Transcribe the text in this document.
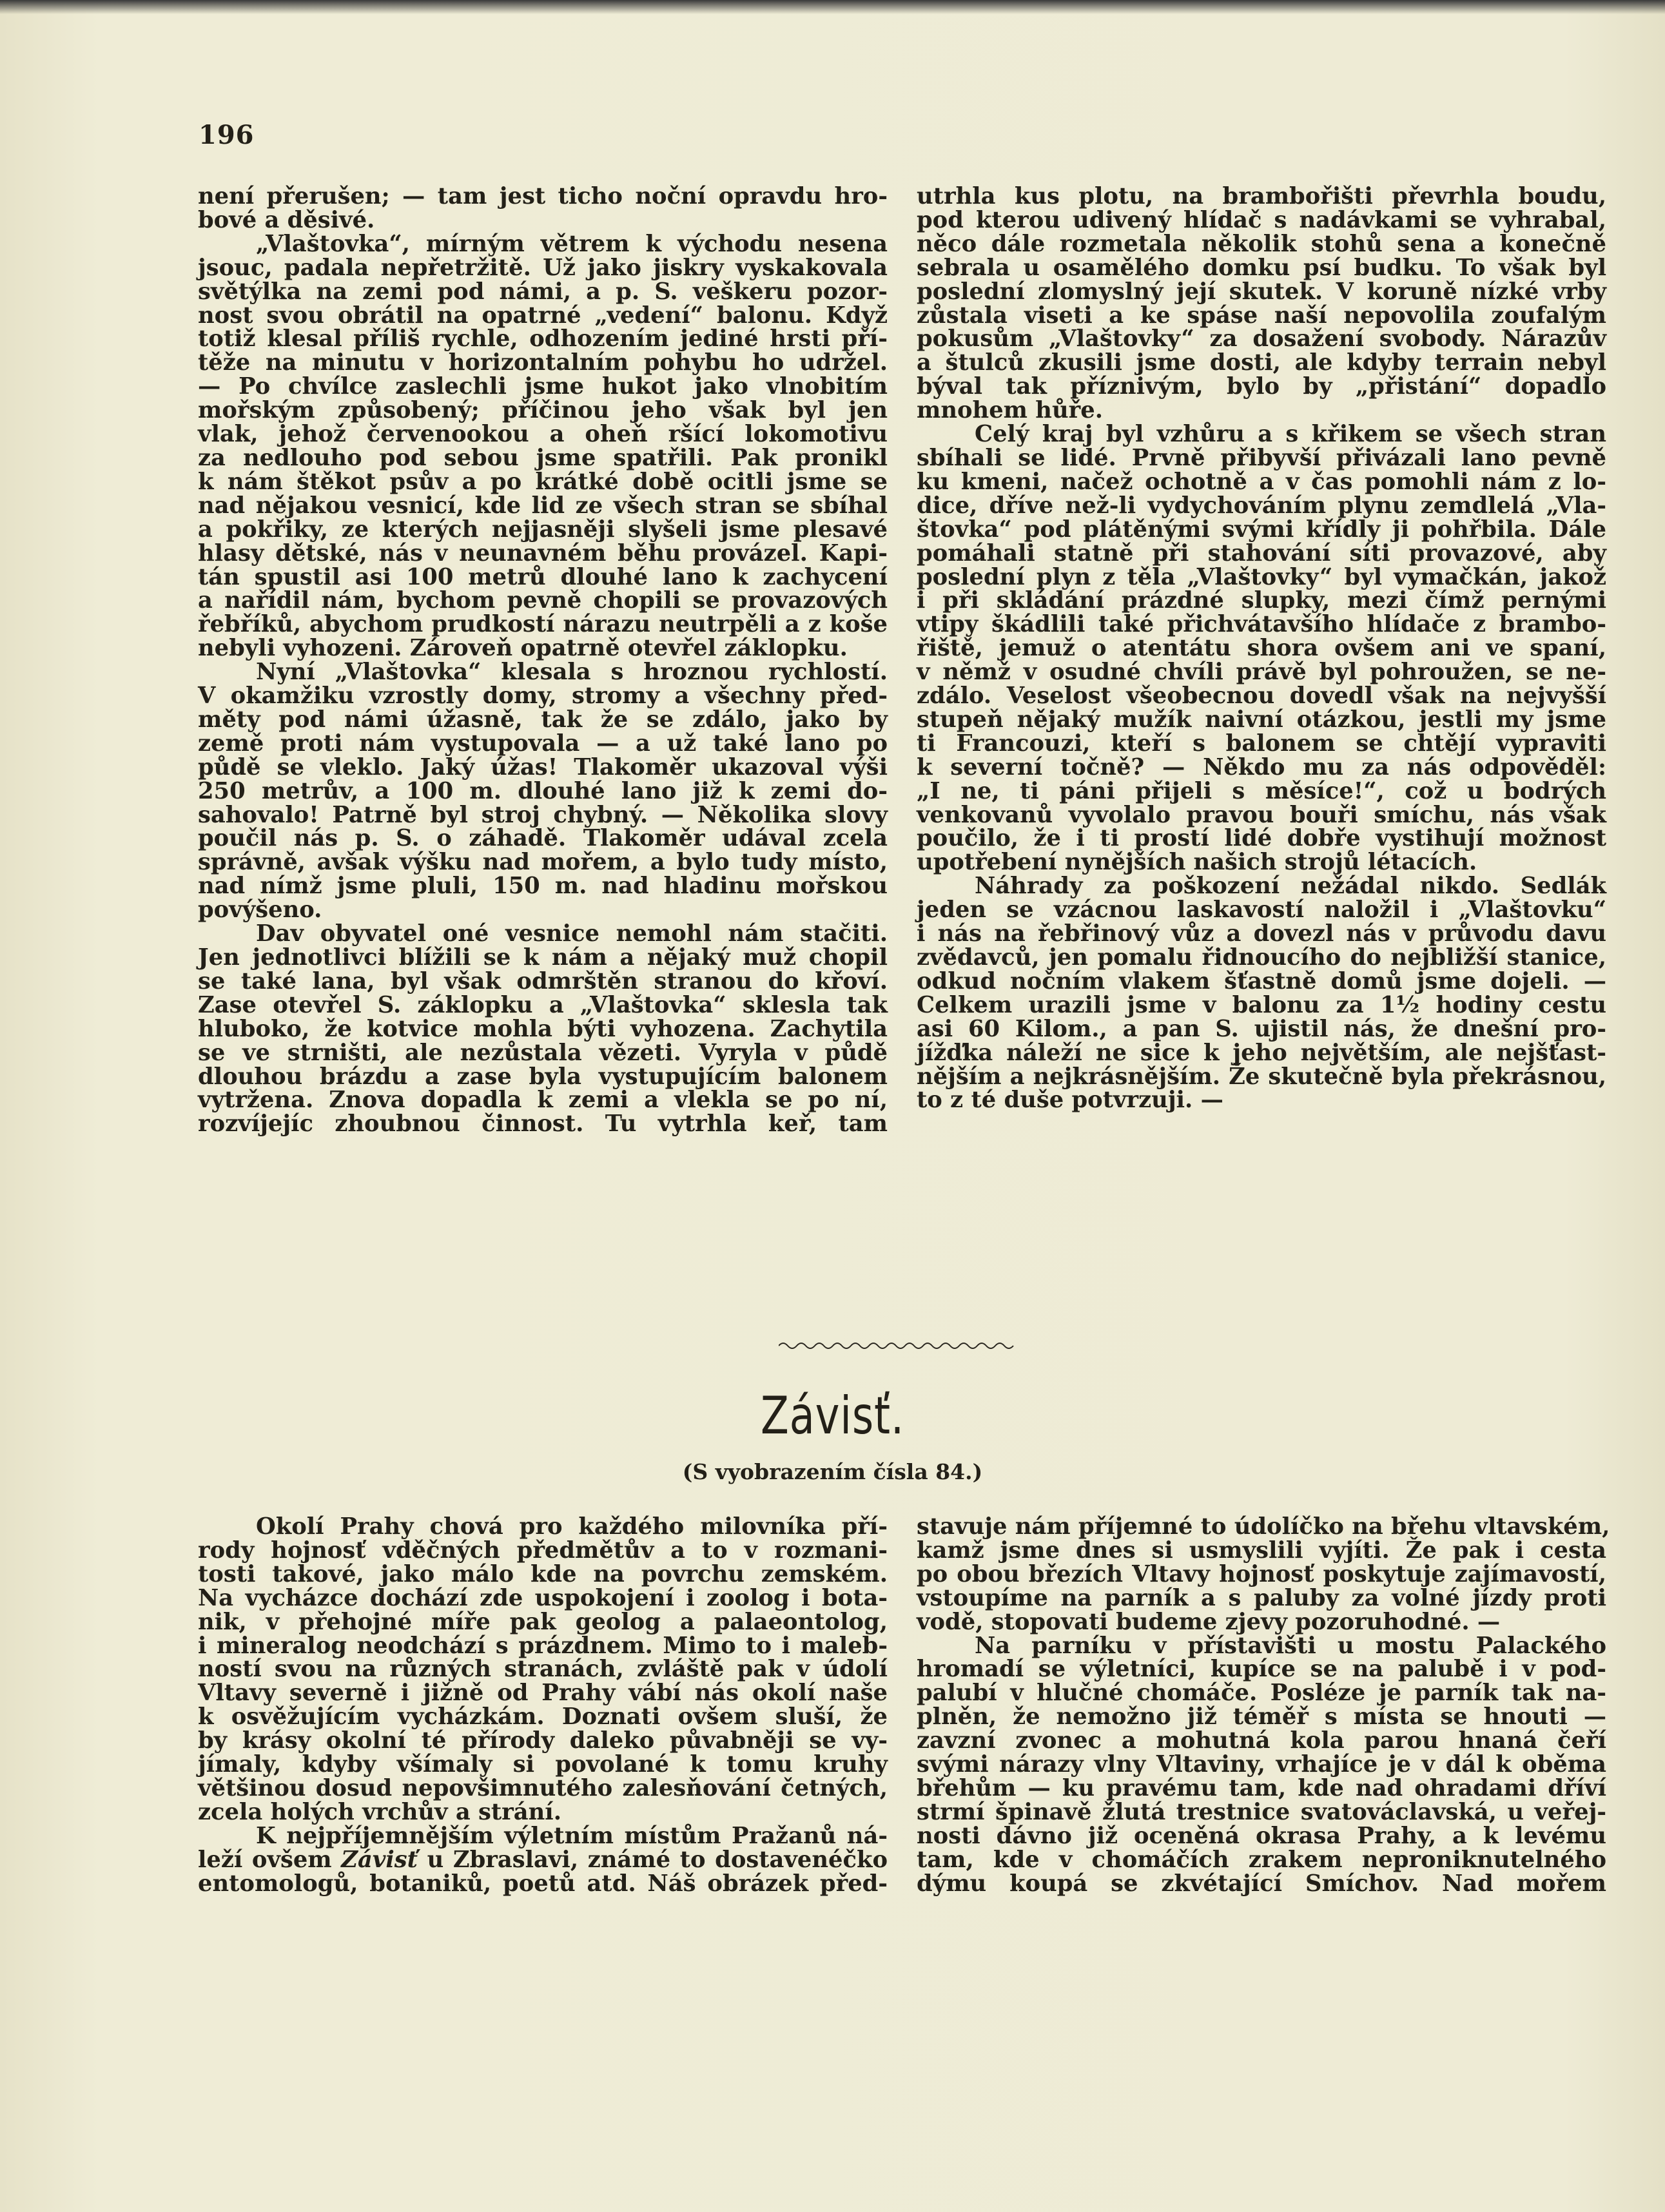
196
není přerušen; — tam jest ticho noční opravdu hro-
bové a děsivé.
„Vlaštovka“, mírným větrem k východu nesena
jsouc, padala nepřetržitě. Už jako jiskry vyskakovala
světýlka na zemi pod námi, a p. S. veškeru pozor-
nost svou obrátil na opatrné „vedení“ balonu. Když
totiž klesal příliš rychle, odhozením jediné hrsti pří-
těže na minutu v horizontalním pohybu ho udržel.
— Po chvílce zaslechli jsme hukot jako vlnobitím
mořským způsobený; příčinou jeho však byl jen
vlak, jehož červenookou a oheň ršící lokomotivu
za nedlouho pod sebou jsme spatřili. Pak pronikl
k nám štěkot psův a po krátké době ocitli jsme se
nad nějakou vesnicí, kde lid ze všech stran se sbíhal
a pokřiky, ze kterých nejjasněji slyšeli jsme plesavé
hlasy dětské, nás v neunavném běhu provázel. Kapi-
tán spustil asi 100 metrů dlouhé lano k zachycení
a nařídil nám, bychom pevně chopili se provazových
řebříků, abychom prudkostí nárazu neutrpěli a z koše
nebyli vyhozeni. Zároveň opatrně otevřel záklopku.
Nyní „Vlaštovka“ klesala s hroznou rychlostí.
V okamžiku vzrostly domy, stromy a všechny před-
měty pod námi úžasně, tak že se zdálo, jako by
země proti nám vystupovala — a už také lano po
půdě se vleklo. Jaký úžas! Tlakoměr ukazoval výši
250 metrův, a 100 m. dlouhé lano již k zemi do-
sahovalo! Patrně byl stroj chybný. — Několika slovy
poučil nás p. S. o záhadě. Tlakoměr udával zcela
správně, avšak výšku nad mořem, a bylo tudy místo,
nad nímž jsme pluli, 150 m. nad hladinu mořskou
povýšeno.
Dav obyvatel oné vesnice nemohl nám stačiti.
Jen jednotlivci blížili se k nám a nějaký muž chopil
se také lana, byl však odmrštěn stranou do křoví.
Zase otevřel S. záklopku a „Vlaštovka“ sklesla tak
hluboko, že kotvice mohla býti vyhozena. Zachytila
se ve strništi, ale nezůstala vězeti. Vyryla v půdě
dlouhou brázdu a zase byla vystupujícím balonem
vytržena. Znova dopadla k zemi a vlekla se po ní,
rozvíjejíc zhoubnou činnost. Tu vytrhla keř, tam
utrhla kus plotu, na brambořišti převrhla boudu,
pod kterou udivený hlídač s nadávkami se vyhrabal,
něco dále rozmetala několik stohů sena a konečně
sebrala u osamělého domku psí budku. To však byl
poslední zlomyslný její skutek. V koruně nízké vrby
zůstala viseti a ke spáse naší nepovolila zoufalým
pokusům „Vlaštovky“ za dosažení svobody. Nárazův
a štulců zkusili jsme dosti, ale kdyby terrain nebyl
býval tak příznivým, bylo by „přistání“ dopadlo
mnohem hůře.
Celý kraj byl vzhůru a s křikem se všech stran
sbíhali se lidé. Prvně přibyvší přivázali lano pevně
ku kmeni, načež ochotně a v čas pomohli nám z lo-
dice, dříve než-li vydychováním plynu zemdlelá „Vla-
štovka“ pod plátěnými svými křídly ji pohřbila. Dále
pomáhali statně při stahování síti provazové, aby
poslední plyn z těla „Vlaštovky“ byl vymačkán, jakož
i při skládání prázdné slupky, mezi čímž pernými
vtipy škádlili také přichvátavšího hlídače z brambo-
řiště, jemuž o atentátu shora ovšem ani ve spaní,
v němž v osudné chvíli právě byl pohroužen, se ne-
zdálo. Veselost všeobecnou dovedl však na nejvyšší
stupeň nějaký mužík naivní otázkou, jestli my jsme
ti Francouzi, kteří s balonem se chtějí vypraviti
k severní točně? — Někdo mu za nás odpověděl:
„I ne, ti páni přijeli s měsíce!“, což u bodrých
venkovanů vyvolalo pravou bouři smíchu, nás však
poučilo, že i ti prostí lidé dobře vystihují možnost
upotřebení nynějších našich strojů létacích.
Náhrady za poškození nežádal nikdo. Sedlák
jeden se vzácnou laskavostí naložil i „Vlaštovku“
i nás na řebřinový vůz a dovezl nás v průvodu davu
zvědavců, jen pomalu řidnoucího do nejbližší stanice,
odkud nočním vlakem šťastně domů jsme dojeli. —
Celkem urazili jsme v balonu za 1½ hodiny cestu
asi 60 Kilom., a pan S. ujistil nás, že dnešní pro-
jížďka náleží ne sice k jeho největším, ale nejšťast-
nějším a nejkrásnějším. Že skutečně byla překrásnou,
to z té duše potvrzuji. —
Závisť.
(S vyobrazením čísla 84.)
Okolí Prahy chová pro každého milovníka pří-
rody hojnosť vděčných předmětův a to v rozmani-
tosti takové, jako málo kde na povrchu zemském.
Na vycházce dochází zde uspokojení i zoolog i bota-
nik, v přehojné míře pak geolog a palaeontolog,
i mineralog neodchází s prázdnem. Mimo to i maleb-
ností svou na různých stranách, zvláště pak v údolí
Vltavy severně i jižně od Prahy vábí nás okolí naše
k osvěžujícím vycházkám. Doznati ovšem sluší, že
by krásy okolní té přírody daleko půvabněji se vy-
jímaly, kdyby všímaly si povolané k tomu kruhy
většinou dosud nepovšimnutého zalesňování četných,
zcela holých vrchův a strání.
K nejpříjemnějším výletním místům Pražanů ná-
leží ovšem Závisť u Zbraslavi, známé to dostavenéčko
entomologů, botaniků, poetů atd. Náš obrázek před-
stavuje nám příjemné to údolíčko na břehu vltavském,
kamž jsme dnes si usmyslili vyjíti. Že pak i cesta
po obou březích Vltavy hojnosť poskytuje zajímavostí,
vstoupíme na parník a s paluby za volné jízdy proti
vodě, stopovati budeme zjevy pozoruhodné. —
Na parníku v přístavišti u mostu Palackého
hromadí se výletníci, kupíce se na palubě i v pod-
palubí v hlučné chomáče. Posléze je parník tak na-
plněn, že nemožno již téměř s místa se hnouti —
zavzní zvonec a mohutná kola parou hnaná čeří
svými nárazy vlny Vltaviny, vrhajíce je v dál k oběma
břehům — ku pravému tam, kde nad ohradami dříví
strmí špinavě žlutá trestnice svatováclavská, u veřej-
nosti dávno již oceněná okrasa Prahy, a k levému
tam, kde v chomáčích zrakem neproniknutelného
dýmu koupá se zkvétající Smíchov. Nad mořem
